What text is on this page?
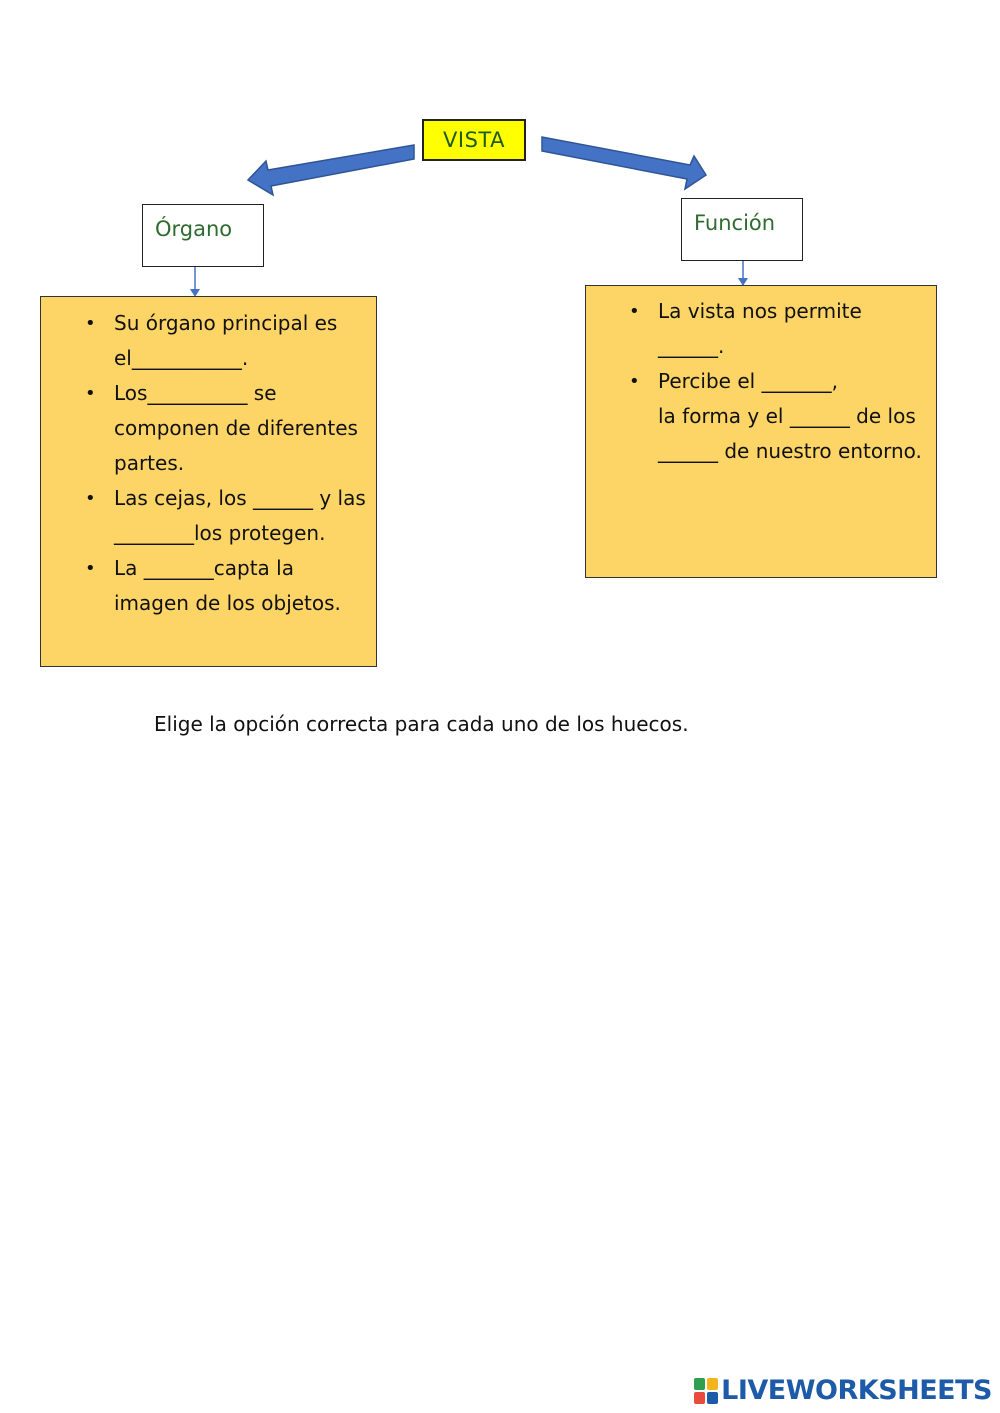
VISTA
Órgano	Función
• Su órgano principal es el___________.
• Los__________ se componen de diferentes partes.
• Las cejas, los ______ y las ________los protegen.
• La _______capta la imagen de los objetos.
• La vista nos permite ______.
• Percibe el _______,
la forma y el ______ de los ______ de nuestro entorno.
Elige la opción correcta para cada uno de los huecos.
LIVEWORKSHEETS
